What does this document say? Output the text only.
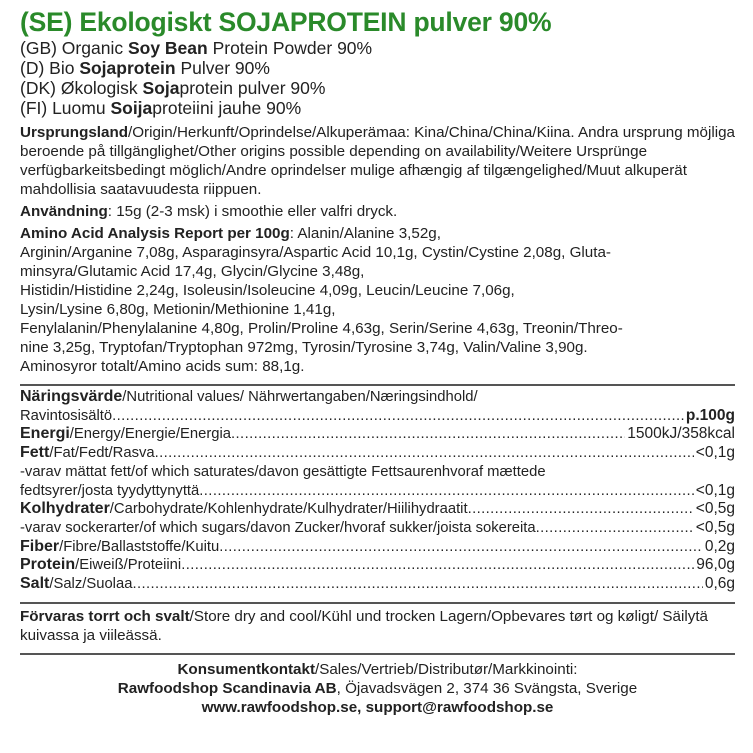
(SE) Ekologiskt SOJAPROTEIN pulver 90%
(GB) Organic Soy Bean Protein Powder 90%
(D) Bio Sojaprotein Pulver 90%
(DK) Økologisk Sojaprotein pulver 90%
(FI) Luomu Soijaproteiini jauhe 90%
Ursprungsland/Origin/Herkunft/Oprindelse/Alkuperämaa: Kina/China/China/Kiina. Andra ursprung möjliga beroende på tillgänglighet/Other origins possible depending on availability/Weitere Ursprünge verfügbarkeitsbedingt möglich/Andre oprindelser mulige afhængig af tilgængelighed/Muut alkuperät mahdollisia saatavuudesta riippuen.
Användning: 15g (2-3 msk) i smoothie eller valfri dryck.
Amino Acid Analysis Report per 100g: Alanin/Alanine 3,52g,
Arginin/Arganine 7,08g, Asparaginsyra/Aspartic Acid 10,1g, Cystin/Cystine 2,08g, Gluta-
minsyra/Glutamic Acid 17,4g, Glycin/Glycine 3,48g,
Histidin/Histidine 2,24g, Isoleusin/Isoleucine 4,09g, Leucin/Leucine 7,06g,
Lysin/Lysine 6,80g, Metionin/Methionine 1,41g,
Fenylalanin/Phenylalanine 4,80g, Prolin/Proline 4,63g, Serin/Serine 4,63g, Treonin/Threo-
nine 3,25g, Tryptofan/Tryptophan 972mg, Tyrosin/Tyrosine 3,74g, Valin/Valine 3,90g.
Aminosyror totalt/Amino acids sum: 88,1g.
Näringsvärde/Nutritional values/ Nährwertangaben/Næringsindhold/
Ravintosisältö .....	p.100g
Energi/Energy/Energie/Energia .....	1500kJ/358kcal
Fett/Fat/Fedt/Rasva .....	<0,1g
-varav mättat fett/of which saturates/davon gesättigte Fettsaurenhvoraf mættede
fedtsyrer/josta tyydyttynyttä .....	<0,1g
Kolhydrater/Carbohydrate/Kohlenhydrate/Kulhydrater/Hiilihydraatit .....	<0,5g
-varav sockerarter/of which sugars/davon Zucker/hvoraf sukker/joista sokereita .....	<0,5g
Fiber/Fibre/Ballaststoffe/Kuitu .....	0,2g
Protein/Eiweiß/Proteiini .....	96,0g
Salt/Salz/Suolaa .....	0,6g
Förvaras torrt och svalt/Store dry and cool/Kühl und trocken Lagern/Opbevares tørt og køligt/ Säilytä kuivassa ja viileässä.
Konsumentkontakt/Sales/Vertrieb/Distributør/Markkinointi:
Rawfoodshop Scandinavia AB, Öjavadsvägen 2, 374 36 Svängsta, Sverige
www.rawfoodshop.se, support@rawfoodshop.se
